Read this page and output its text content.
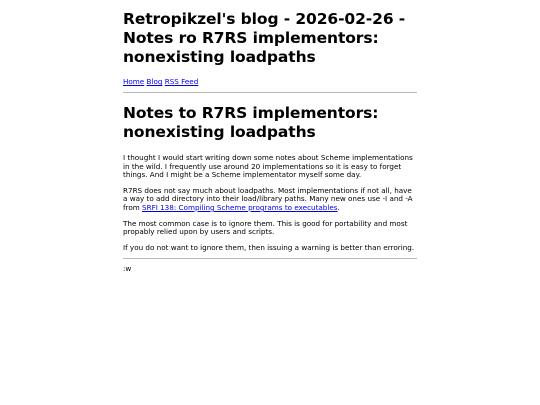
Retropikzel's blog - 2026-02-26 - Notes ro R7RS implementors: nonexisting loadpaths
Home Blog RSS Feed
Notes to R7RS implementors: nonexisting loadpaths

I thought I would start writing down some notes about Scheme implementations in the wild. I frequently use around 20 implementations so it is easy to forget things. And I might be a Scheme implementator myself some day.

R7RS does not say much about loadpaths. Most implementations if not all, have a way to add directory into their load/library paths. Many new ones use -I and -A from SRFI 138: Compiling Scheme programs to executables.

The most common case is to ignore them. This is good for portability and most propably relied upon by users and scripts.

If you do not want to ignore them, then issuing a warning is better than erroring.

:w
